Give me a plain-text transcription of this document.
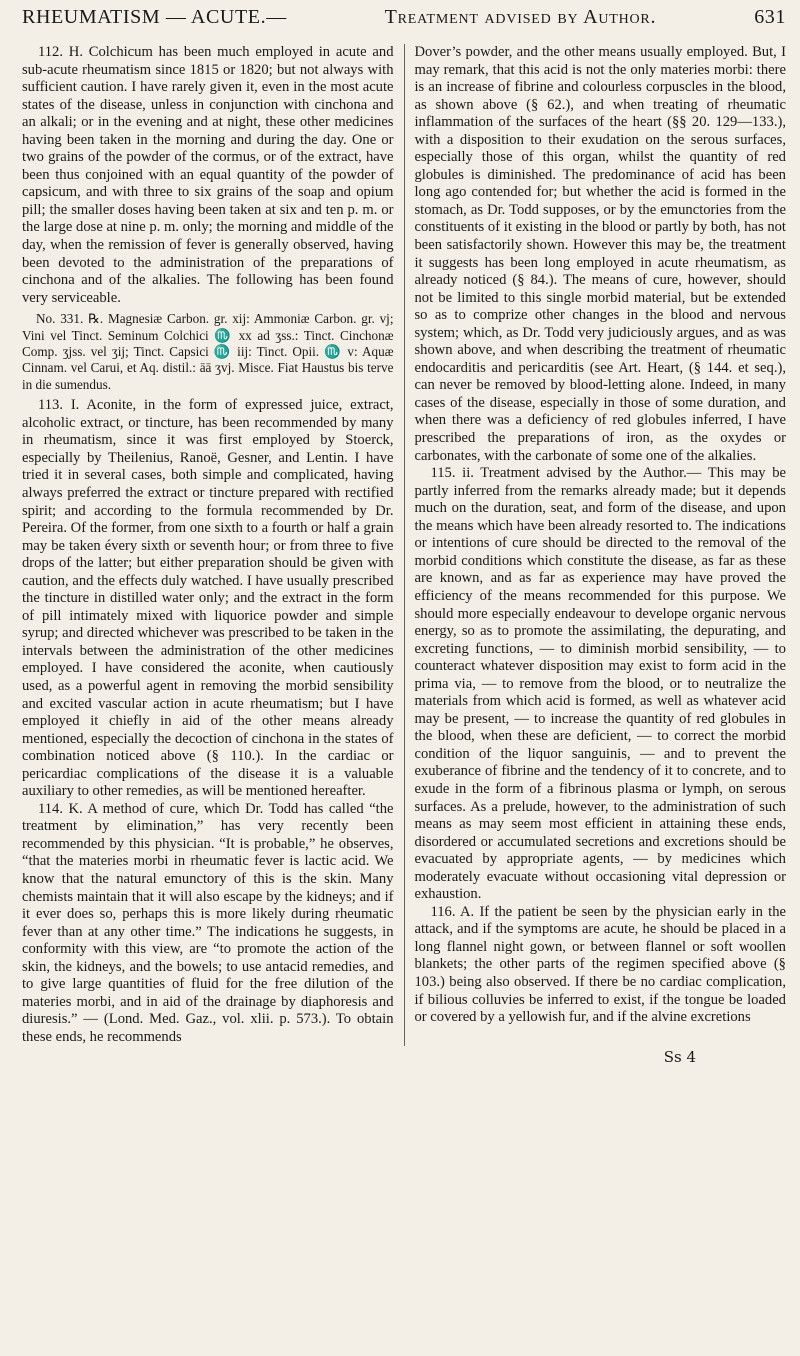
RHEUMATISM — ACUTE.—	Treatment advised by Author.	631

112. H. Colchicum has been much employed in acute and sub-acute rheumatism since 1815 or 1820; but not always with sufficient caution. I have rarely given it, even in the most acute states of the disease, unless in conjunction with cinchona and an alkali; or in the evening and at night, these other medicines having been taken in the morning and during the day. One or two grains of the powder of the cormus, or of the extract, have been thus conjoined with an equal quantity of the powder of capsicum, and with three to six grains of the soap and opium pill; the smaller doses having been taken at six and ten p. m. or the large dose at nine p. m. only; the morning and middle of the day, when the remission of fever is generally observed, having been devoted to the administration of the preparations of cinchona and of the alkalies. The following has been found very serviceable.

No. 331. ℞. Magnesiæ Carbon. gr. xij: Ammoniæ Carbon. gr. vj; Vini vel Tinct. Seminum Colchici ♏ xx ad ʒss.: Tinct. Cinchonæ Comp. ʒjss. vel ʒij; Tinct. Capsici ♏ iij: Tinct. Opii. ♏ v: Aquæ Cinnam. vel Carui, et Aq. distil.: āā ʒvj. Misce. Fiat Haustus bis terve in die sumendus.

113. I. Aconite, in the form of expressed juice, extract, alcoholic extract, or tincture, has been recommended by many in rheumatism, since it was first employed by Stoerck, especially by Theilenius, Ranoë, Gesner, and Lentin. I have tried it in several cases, both simple and complicated, having always preferred the extract or tincture prepared with rectified spirit; and according to the formula recommended by Dr. Pereira. Of the former, from one sixth to a fourth or half a grain may be taken évery sixth or seventh hour; or from three to five drops of the latter; but either preparation should be given with caution, and the effects duly watched. I have usually prescribed the tincture in distilled water only; and the extract in the form of pill intimately mixed with liquorice powder and simple syrup; and directed whichever was prescribed to be taken in the intervals between the administration of the other medicines employed. I have considered the aconite, when cautiously used, as a powerful agent in removing the morbid sensibility and excited vascular action in acute rheumatism; but I have employed it chiefly in aid of the other means already mentioned, especially the decoction of cinchona in the states of combination noticed above (§ 110.). In the cardiac or pericardiac complications of the disease it is a valuable auxiliary to other remedies, as will be mentioned hereafter.

114. K. A method of cure, which Dr. Todd has called “the treatment by elimination,” has very recently been recommended by this physician. “It is probable,” he observes, “that the materies morbi in rheumatic fever is lactic acid. We know that the natural emunctory of this is the skin. Many chemists maintain that it will also escape by the kidneys; and if it ever does so, perhaps this is more likely during rheumatic fever than at any other time.” The indications he suggests, in conformity with this view, are “to promote the action of the skin, the kidneys, and the bowels; to use antacid remedies, and to give large quantities of fluid for the free dilution of the materies morbi, and in aid of the drainage by diaphoresis and diuresis.” — (Lond. Med. Gaz., vol. xlii. p. 573.). To obtain these ends, he recommends

Dover’s powder, and the other means usually employed. But, I may remark, that this acid is not the only materies morbi: there is an increase of fibrine and colourless corpuscles in the blood, as shown above (§ 62.), and when treating of rheumatic inflammation of the surfaces of the heart (§§ 20. 129—133.), with a disposition to their exudation on the serous surfaces, especially those of this organ, whilst the quantity of red globules is diminished. The predominance of acid has been long ago contended for; but whether the acid is formed in the stomach, as Dr. Todd supposes, or by the emunctories from the constituents of it existing in the blood or partly by both, has not been satisfactorily shown. However this may be, the treatment it suggests has been long employed in acute rheumatism, as already noticed (§ 84.). The means of cure, however, should not be limited to this single morbid material, but be extended so as to comprize other changes in the blood and nervous system; which, as Dr. Todd very judiciously argues, and as was shown above, and when describing the treatment of rheumatic endocarditis and pericarditis (see Art. Heart, (§ 144. et seq.), can never be removed by blood-letting alone. Indeed, in many cases of the disease, especially in those of some duration, and when there was a deficiency of red globules inferred, I have prescribed the preparations of iron, as the oxydes or carbonates, with the carbonate of some one of the alkalies.

115. ii. Treatment advised by the Author.— This may be partly inferred from the remarks already made; but it depends much on the duration, seat, and form of the disease, and upon the means which have been already resorted to. The indications or intentions of cure should be directed to the removal of the morbid conditions which constitute the disease, as far as these are known, and as far as experience may have proved the efficiency of the means recommended for this purpose. We should more especially endeavour to develope organic nervous energy, so as to promote the assimilating, the depurating, and excreting functions, — to diminish morbid sensibility, — to counteract whatever disposition may exist to form acid in the prima via, — to remove from the blood, or to neutralize the materials from which acid is formed, as well as whatever acid may be present, — to increase the quantity of red globules in the blood, when these are deficient, — to correct the morbid condition of the liquor sanguinis, — and to prevent the exuberance of fibrine and the tendency of it to concrete, and to exude in the form of a fibrinous plasma or lymph, on serous surfaces. As a prelude, however, to the administration of such means as may seem most efficient in attaining these ends, disordered or accumulated secretions and excretions should be evacuated by appropriate agents, — by medicines which moderately evacuate without occasioning vital depression or exhaustion.

116. A. If the patient be seen by the physician early in the attack, and if the symptoms are acute, he should be placed in a long flannel night gown, or between flannel or soft woollen blankets; the other parts of the regimen specified above (§ 103.) being also observed. If there be no cardiac complication, if bilious colluvies be inferred to exist, if the tongue be loaded or covered by a yellowish fur, and if the alvine excretions

Ss 4
